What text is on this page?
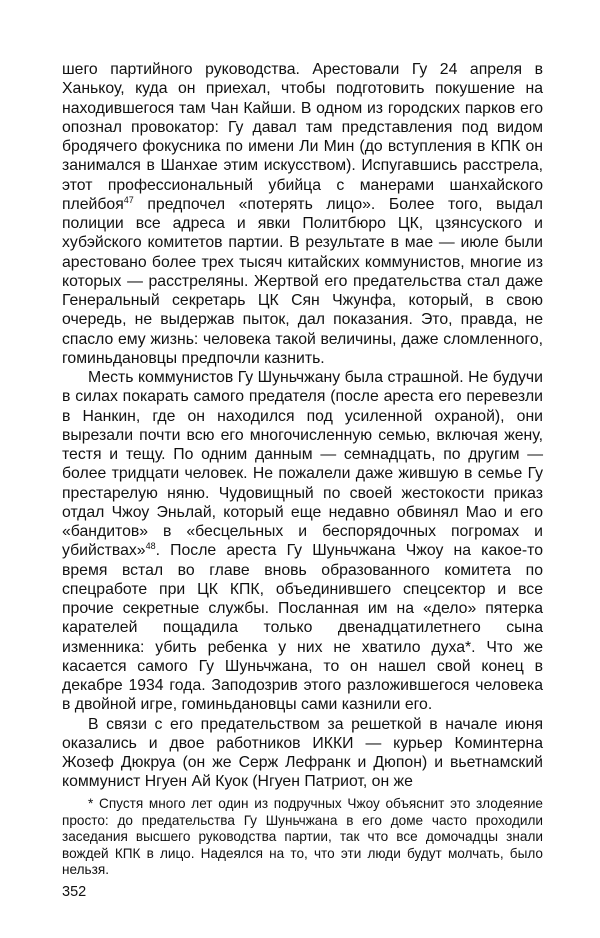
шего партийного руководства. Арестовали Гу 24 апреля в Ханькоу, куда он приехал, чтобы подготовить покушение на находившегося там Чан Кайши. В одном из городских парков его опознал провокатор: Гу давал там представления под видом бродячего фокусника по имени Ли Мин (до вступления в КПК он занимался в Шанхае этим искусством). Испугавшись расстрела, этот профессиональный убийца с манерами шанхайского плейбоя$^{47}$ предпочел «потерять лицо». Более того, выдал полиции все адреса и явки Политбюро ЦК, цзянсуского и хубэйского комитетов партии. В результате в мае — июле были арестовано более трех тысяч китайских коммунистов, многие из которых — расстреляны. Жертвой его предательства стал даже Генеральный секретарь ЦК Сян Чжунфа, который, в свою очередь, не выдержав пыток, дал показания. Это, правда, не спасло ему жизнь: человека такой величины, даже сломленного, гоминьдановцы предпочли казнить.

Месть коммунистов Гу Шуньчжану была страшной. Не будучи в силах покарать самого предателя (после ареста его перевезли в Нанкин, где он находился под усиленной охраной), они вырезали почти всю его многочисленную семью, включая жену, тестя и тещу. По одним данным — семнадцать, по другим — более тридцати человек. Не пожалели даже жившую в семье Гу престарелую няню. Чудовищный по своей жестокости приказ отдал Чжоу Эньлай, который еще недавно обвинял Мао и его «бандитов» в «бесцельных и беспорядочных погромах и убийствах»$^{48}$. После ареста Гу Шуньчжана Чжоу на какое-то время встал во главе вновь образованного комитета по спецработе при ЦК КПК, объединившего спецсектор и все прочие секретные службы. Посланная им на «дело» пятерка карателей пощадила только двенадцатилетнего сына изменника: убить ребенка у них не хватило духа*. Что же касается самого Гу Шуньчжана, то он нашел свой конец в декабре 1934 года. Заподозрив этого разложившегося человека в двойной игре, гоминьдановцы сами казнили его.

В связи с его предательством за решеткой в начале июня оказались и двое работников ИККИ — курьер Коминтерна Жозеф Дюкруа (он же Серж Лефранк и Дюпон) и вьетнамский коммунист Нгуен Ай Куок (Нгуен Патриот, он же

* Спустя много лет один из подручных Чжоу объяснит это злодеяние просто: до предательства Гу Шуньчжана в его доме часто проходили заседания высшего руководства партии, так что все домочадцы знали вождей КПК в лицо. Надеялся на то, что эти люди будут молчать, было нельзя.

352
